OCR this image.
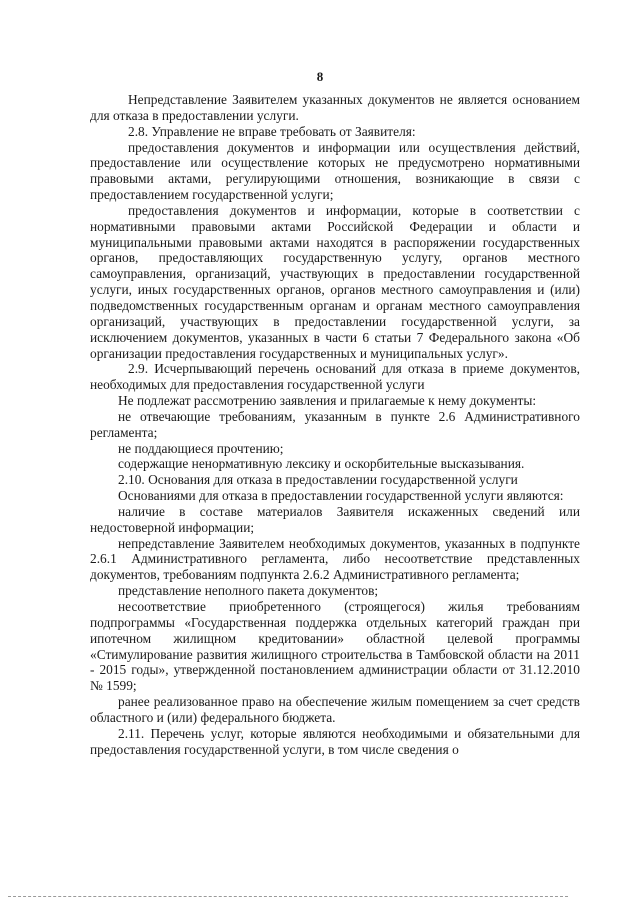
8

Непредставление Заявителем указанных документов не является основанием для отказа в предоставлении услуги.

2.8. Управление не вправе требовать от Заявителя:

предоставления документов и информации или осуществления действий, предоставление или осуществление которых не предусмотрено нормативными правовыми актами, регулирующими отношения, возникающие в связи с предоставлением государственной услуги;

предоставления документов и информации, которые в соответствии с нормативными правовыми актами Российской Федерации и области и муниципальными правовыми актами находятся в распоряжении государственных органов, предоставляющих государственную услугу, органов местного самоуправления, организаций, участвующих в предоставлении государственной услуги, иных государственных органов, органов местного самоуправления и (или) подведомственных государственным органам и органам местного самоуправления организаций, участвующих в предоставлении государственной услуги, за исключением документов, указанных в части 6 статьи 7 Федерального закона «Об организации предоставления государственных и муниципальных услуг».

2.9. Исчерпывающий перечень оснований для отказа в приеме документов, необходимых для предоставления государственной услуги

Не подлежат рассмотрению заявления и прилагаемые к нему документы:

не отвечающие требованиям, указанным в пункте 2.6 Административного регламента;

не поддающиеся прочтению;

содержащие ненормативную лексику и оскорбительные высказывания.

2.10. Основания для отказа в предоставлении государственной услуги

Основаниями для отказа в предоставлении государственной услуги являются:

наличие в составе материалов Заявителя искаженных сведений или недостоверной информации;

непредставление Заявителем необходимых документов, указанных в подпункте 2.6.1 Административного регламента, либо несоответствие представленных документов, требованиям подпункта 2.6.2 Административного регламента;

представление неполного пакета документов;

несоответствие приобретенного (строящегося) жилья требованиям подпрограммы «Государственная поддержка отдельных категорий граждан при ипотечном жилищном кредитовании» областной целевой программы «Стимулирование развития жилищного строительства в Тамбовской области на 2011 - 2015 годы», утвержденной постановлением администрации области от 31.12.2010 № 1599;

ранее реализованное право на обеспечение жилым помещением за счет средств областного и (или) федерального бюджета.

2.11. Перечень услуг, которые являются необходимыми и обязательными для предоставления государственной услуги, в том числе сведения о
